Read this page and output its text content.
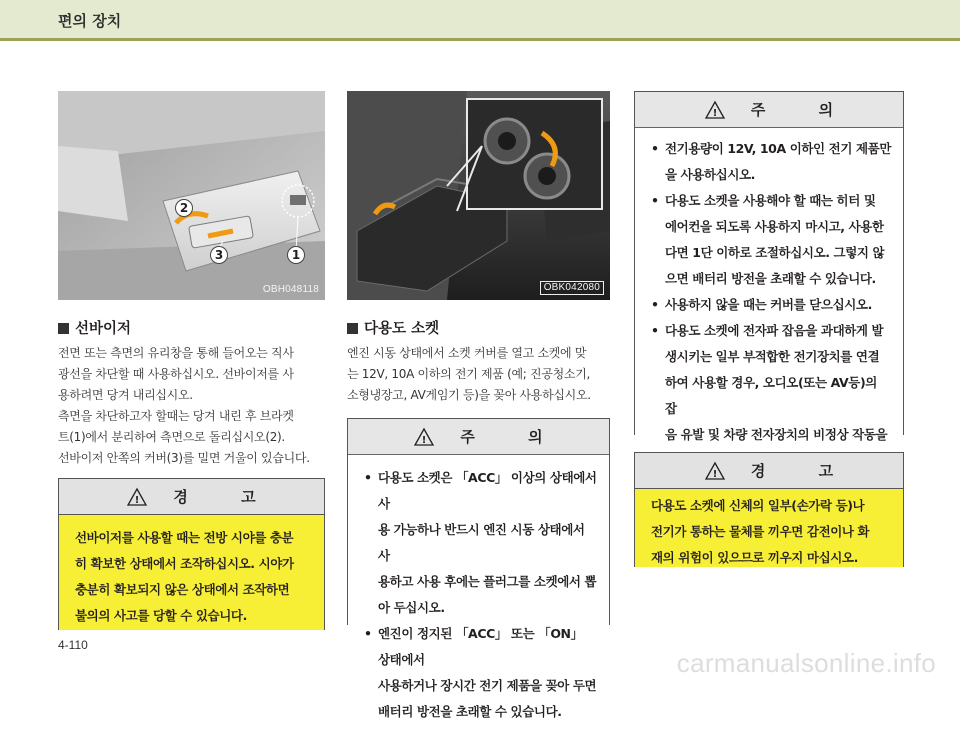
편의 장치
1
2
3
OBH048118	OBK042080
선바이저

전면 또는 측면의 유리창을 통해 들어오는 직사

광선을 차단할 때 사용하십시오. 선바이저를 사

용하려면 당겨 내리십시오.

측면을 차단하고자 할때는 당겨 내린 후 브라켓

트(1)에서 분리하여 측면으로 돌리십시오(2).

선바이저 안쪽의 커버(3)를 밀면 거울이 있습니다.

! 경 고
선바이저를 사용할 때는 전방 시야를 충분
히 확보한 상태에서 조작하십시오. 시야가
충분히 확보되지 않은 상태에서 조작하면
불의의 사고를 당할 수 있습니다.
다용도 소켓

엔진 시동 상태에서 소켓 커버를 열고 소켓에 맞

는 12V, 10A 이하의 전기 제품 (예; 진공청소기,

소형냉장고, AV게임기 등)을 꽂아 사용하십시오.

! 주 의
• 다용도 소켓은 「ACC」 이상의 상태에서 사
용 가능하나 반드시 엔진 시동 상태에서 사
용하고 사용 후에는 플러그를 소켓에서 뽑
아 두십시오.
• 엔진이 정지된 「ACC」 또는 「ON」 상태에서
사용하거나 장시간 전기 제품을 꽂아 두면
배터리 방전을 초래할 수 있습니다.
! 주 의
• 전기용량이 12V, 10A 이하인 전기 제품만
을 사용하십시오.
• 다용도 소켓을 사용해야 할 때는 히터 및
에어컨을 되도록 사용하지 마시고, 사용한
다면 1단 이하로 조절하십시오. 그렇지 않
으면 배터리 방전을 초래할 수 있습니다.
• 사용하지 않을 때는 커버를 닫으십시오.
• 다용도 소켓에 전자파 잡음을 과대하게 발
생시키는 일부 부적합한 전기장치를 연결
하여 사용할 경우, 오디오(또는 AV등)의 잡
음 유발 및 차량 전자장치의 비정상 작동을
! 경 고
다용도 소켓에 신체의 일부(손가락 등)나
전기가 통하는 물체를 끼우면 감전이나 화
재의 위험이 있으므로 끼우지 마십시오.
4-110
carmanualsonline.info
